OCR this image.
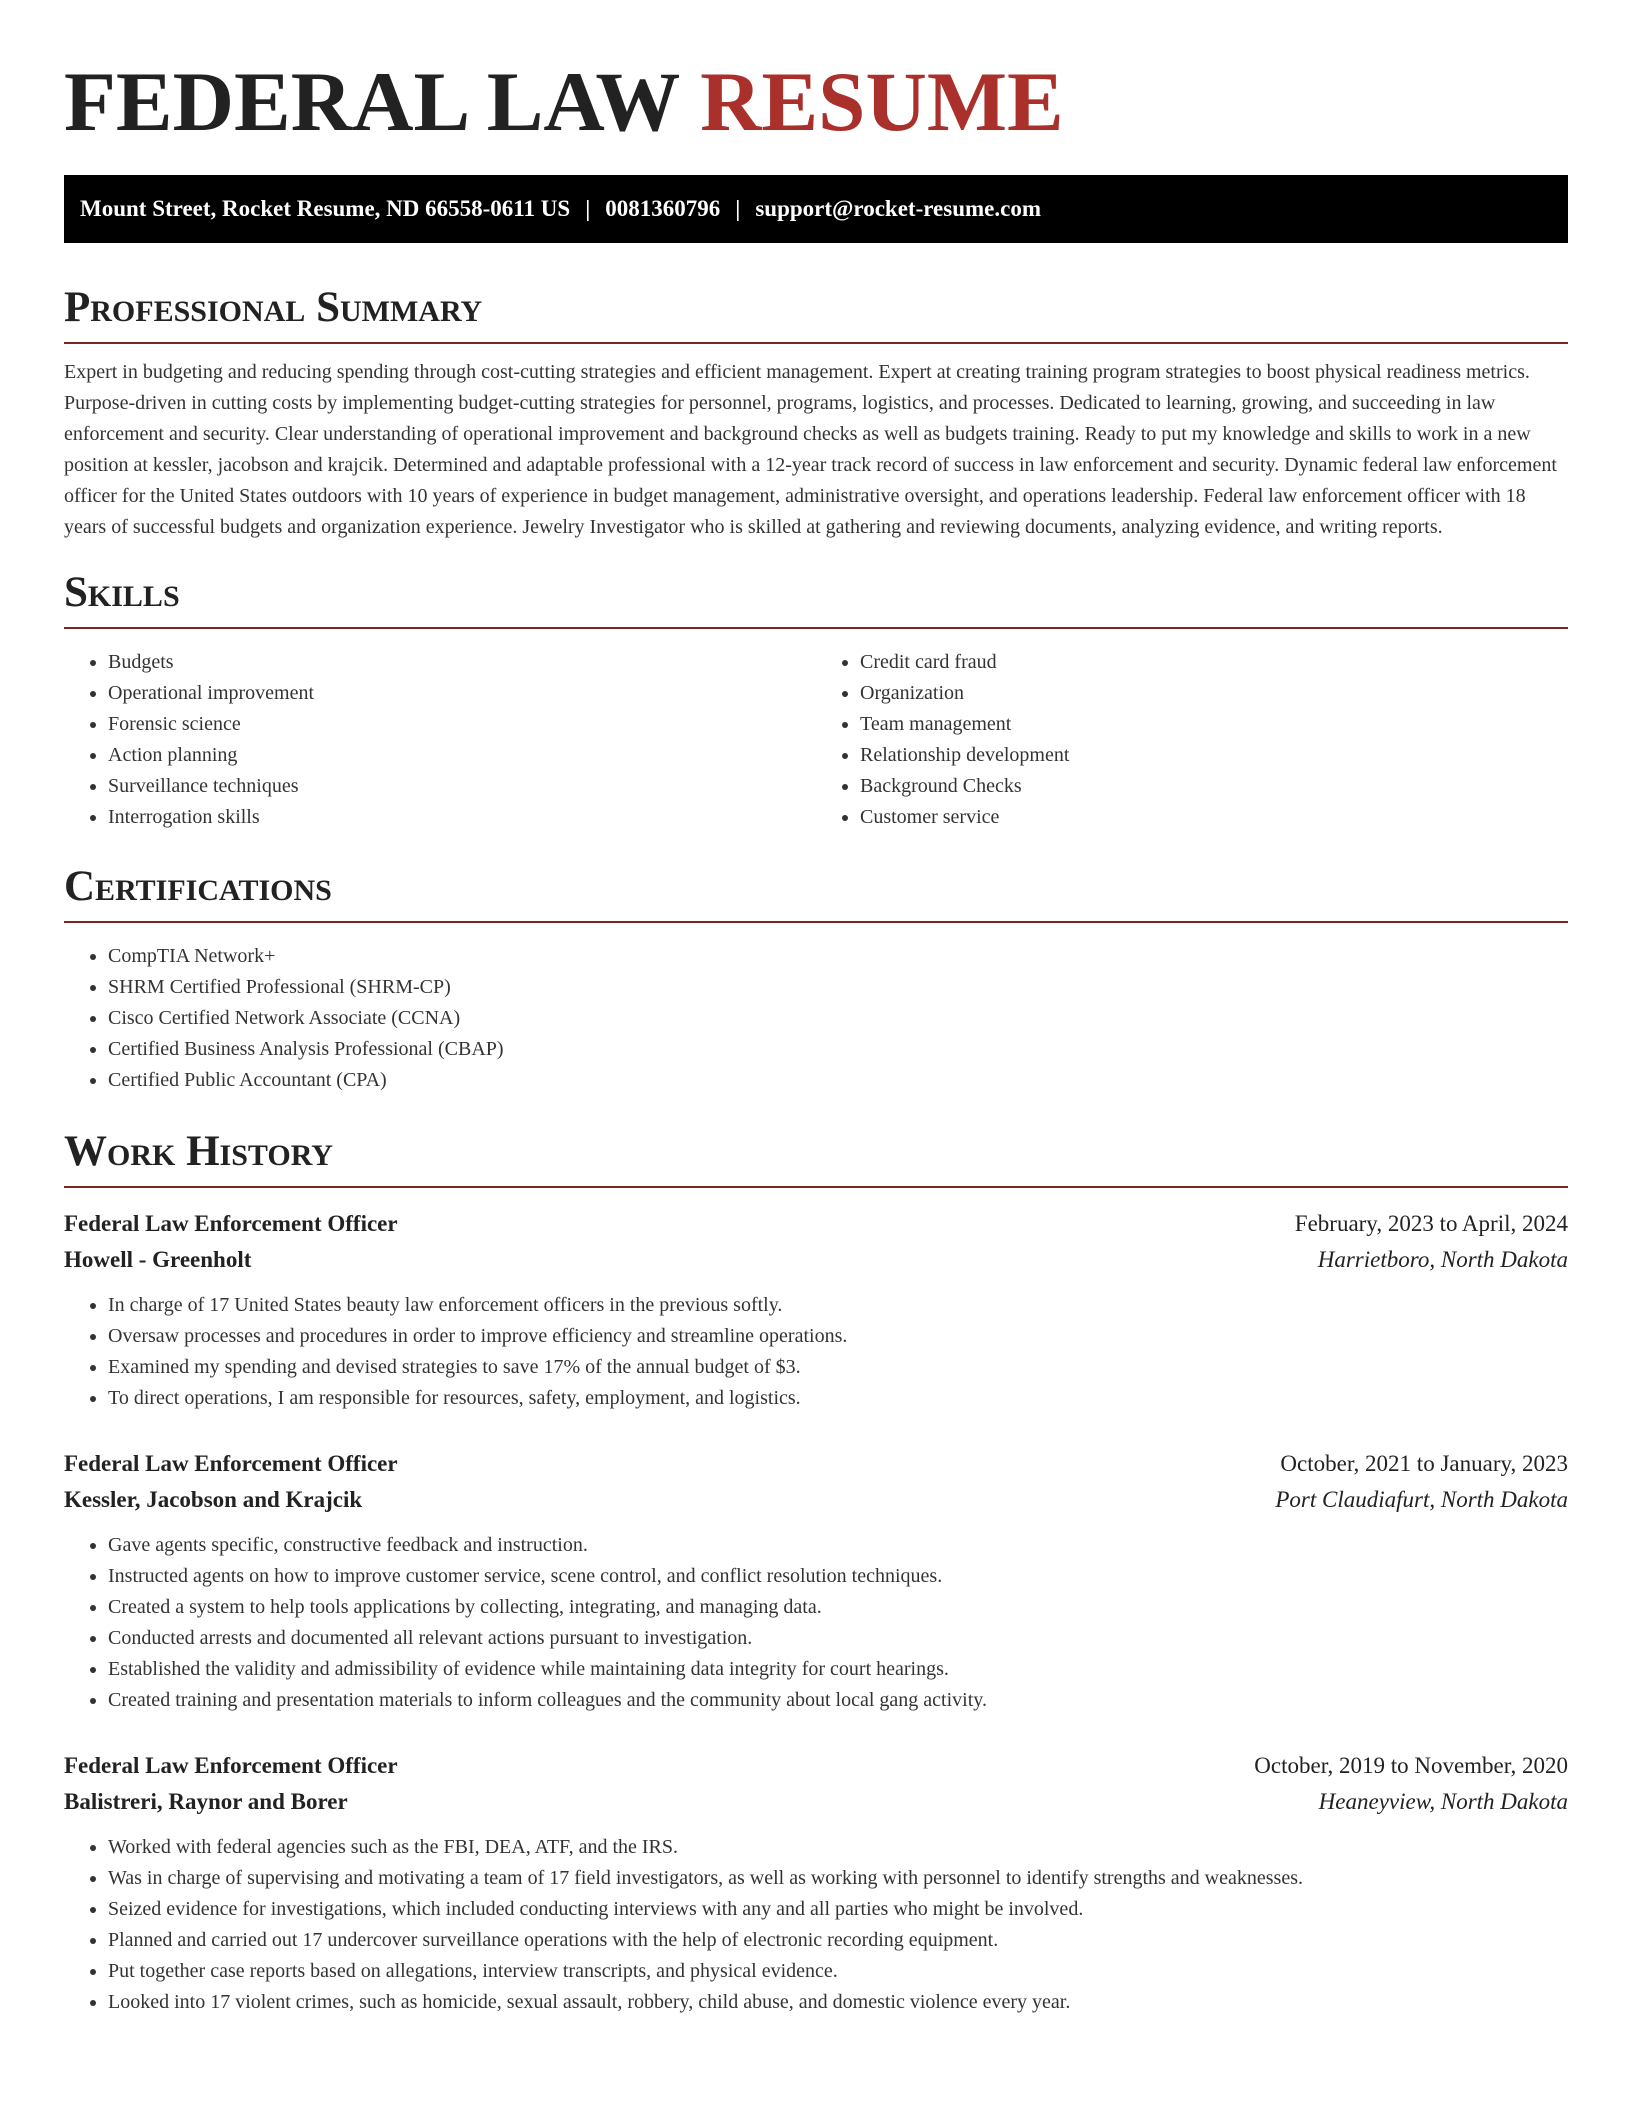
FEDERAL LAW RESUME
Mount Street, Rocket Resume, ND 66558-0611 US | 0081360796 | support@rocket-resume.com
Professional Summary

Expert in budgeting and reducing spending through cost-cutting strategies and efficient management. Expert at creating training program strategies to boost physical readiness metrics. Purpose-driven in cutting costs by implementing budget-cutting strategies for personnel, programs, logistics, and processes. Dedicated to learning, growing, and succeeding in law enforcement and security. Clear understanding of operational improvement and background checks as well as budgets training. Ready to put my knowledge and skills to work in a new position at kessler, jacobson and krajcik. Determined and adaptable professional with a 12-year track record of success in law enforcement and security. Dynamic federal law enforcement officer for the United States outdoors with 10 years of experience in budget management, administrative oversight, and operations leadership. Federal law enforcement officer with 18 years of successful budgets and organization experience. Jewelry Investigator who is skilled at gathering and reviewing documents, analyzing evidence, and writing reports.

Skills
• Budgets
• Operational improvement
• Forensic science
• Action planning
• Surveillance techniques
• Interrogation skills
• Credit card fraud
• Organization
• Team management
• Relationship development
• Background Checks
• Customer service
Certifications
• CompTIA Network+
• SHRM Certified Professional (SHRM-CP)
• Cisco Certified Network Associate (CCNA)
• Certified Business Analysis Professional (CBAP)
• Certified Public Accountant (CPA)
Work History
Federal Law Enforcement Officer	February, 2023 to April, 2024
Howell - Greenholt	Harrietboro, North Dakota
• In charge of 17 United States beauty law enforcement officers in the previous softly.
• Oversaw processes and procedures in order to improve efficiency and streamline operations.
• Examined my spending and devised strategies to save 17% of the annual budget of $3.
• To direct operations, I am responsible for resources, safety, employment, and logistics.
Federal Law Enforcement Officer	October, 2021 to January, 2023
Kessler, Jacobson and Krajcik	Port Claudiafurt, North Dakota
• Gave agents specific, constructive feedback and instruction.
• Instructed agents on how to improve customer service, scene control, and conflict resolution techniques.
• Created a system to help tools applications by collecting, integrating, and managing data.
• Conducted arrests and documented all relevant actions pursuant to investigation.
• Established the validity and admissibility of evidence while maintaining data integrity for court hearings.
• Created training and presentation materials to inform colleagues and the community about local gang activity.
Federal Law Enforcement Officer	October, 2019 to November, 2020
Balistreri, Raynor and Borer	Heaneyview, North Dakota
• Worked with federal agencies such as the FBI, DEA, ATF, and the IRS.
• Was in charge of supervising and motivating a team of 17 field investigators, as well as working with personnel to identify strengths and weaknesses.
• Seized evidence for investigations, which included conducting interviews with any and all parties who might be involved.
• Planned and carried out 17 undercover surveillance operations with the help of electronic recording equipment.
• Put together case reports based on allegations, interview transcripts, and physical evidence.
• Looked into 17 violent crimes, such as homicide, sexual assault, robbery, child abuse, and domestic violence every year.
